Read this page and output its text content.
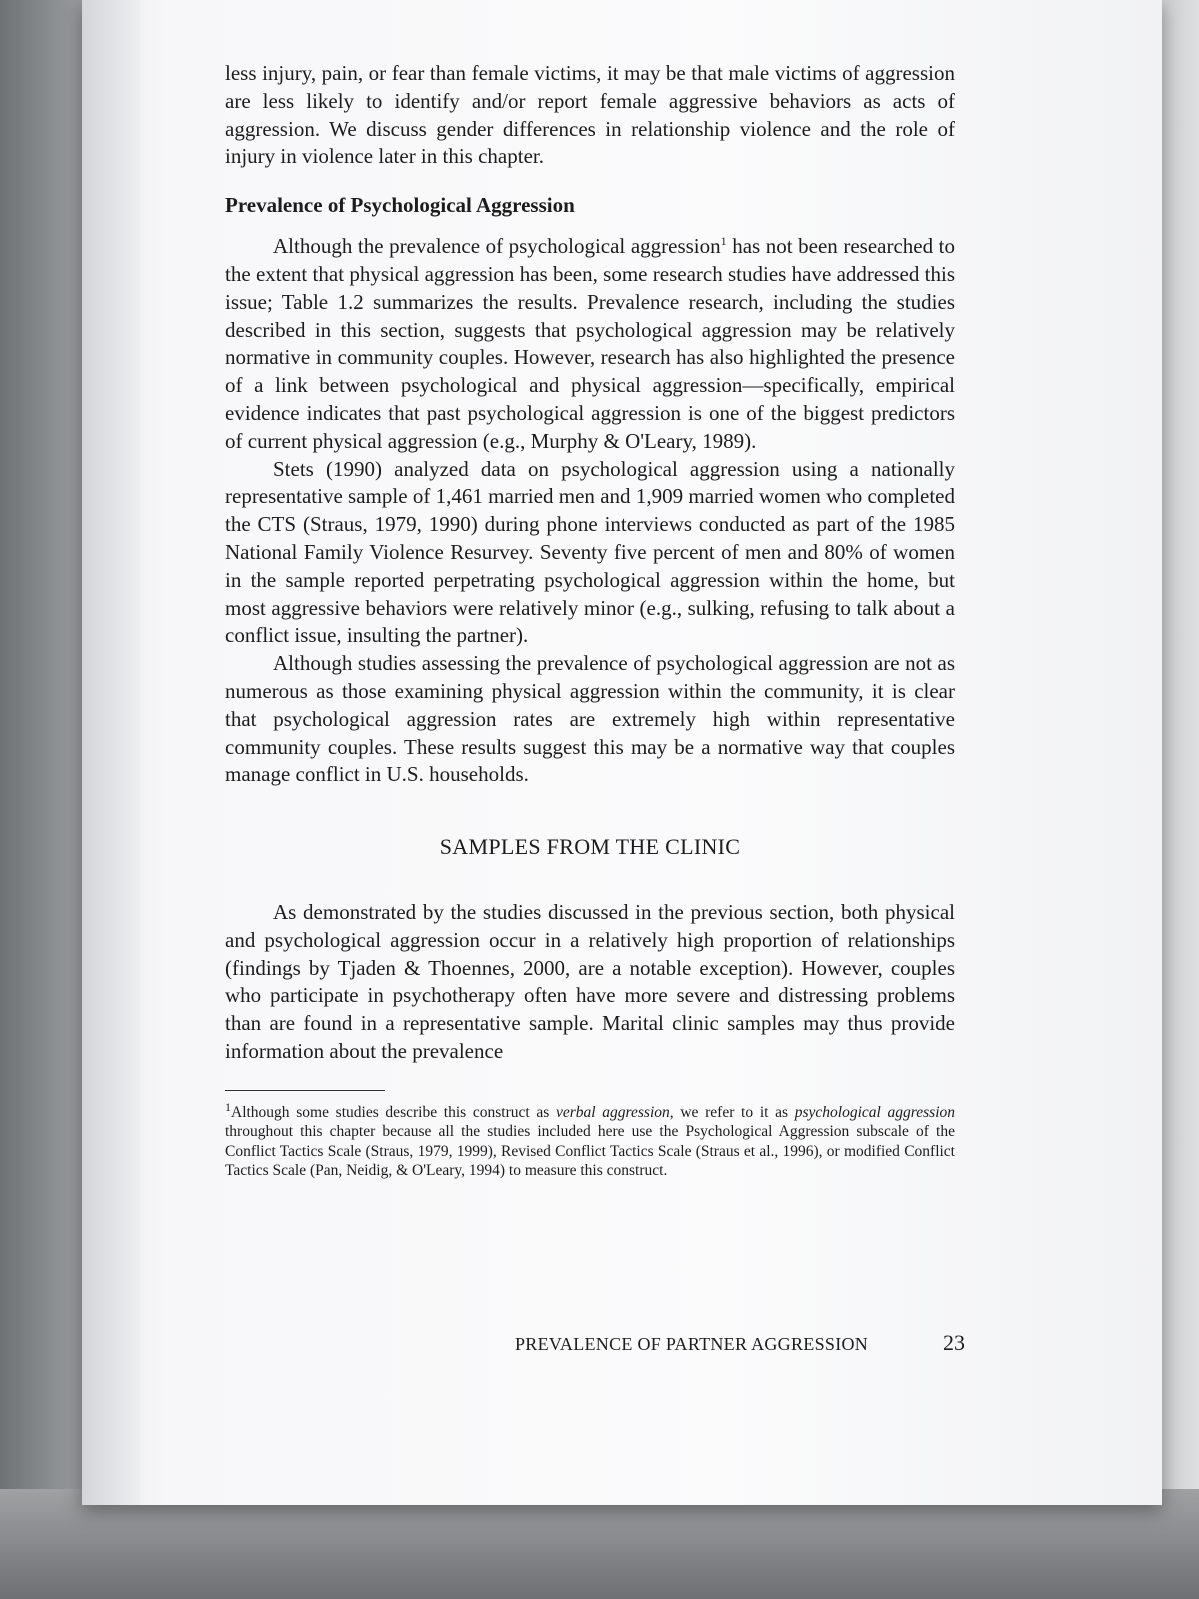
less injury, pain, or fear than female victims, it may be that male victims of aggression are less likely to identify and/or report female aggressive behaviors as acts of aggression. We discuss gender differences in relationship violence and the role of injury in violence later in this chapter.

Prevalence of Psychological Aggression

Although the prevalence of psychological aggression$^1$ has not been researched to the extent that physical aggression has been, some research studies have addressed this issue; Table 1.2 summarizes the results. Prevalence research, including the studies described in this section, suggests that psychological aggression may be relatively normative in community couples. However, research has also highlighted the presence of a link between psychological and physical aggression—specifically, empirical evidence indicates that past psychological aggression is one of the biggest predictors of current physical aggression (e.g., Murphy & O'Leary, 1989).

Stets (1990) analyzed data on psychological aggression using a nationally representative sample of 1,461 married men and 1,909 married women who completed the CTS (Straus, 1979, 1990) during phone interviews conducted as part of the 1985 National Family Violence Resurvey. Seventy five percent of men and 80% of women in the sample reported perpetrating psychological aggression within the home, but most aggressive behaviors were relatively minor (e.g., sulking, refusing to talk about a conflict issue, insulting the partner).

Although studies assessing the prevalence of psychological aggression are not as numerous as those examining physical aggression within the community, it is clear that psychological aggression rates are extremely high within representative community couples. These results suggest this may be a normative way that couples manage conflict in U.S. households.

SAMPLES FROM THE CLINIC

As demonstrated by the studies discussed in the previous section, both physical and psychological aggression occur in a relatively high proportion of relationships (findings by Tjaden & Thoennes, 2000, are a notable exception). However, couples who participate in psychotherapy often have more severe and distressing problems than are found in a representative sample. Marital clinic samples may thus provide information about the prevalence

$^1$Although some studies describe this construct as verbal aggression, we refer to it as psychological aggression throughout this chapter because all the studies included here use the Psychological Aggression subscale of the Conflict Tactics Scale (Straus, 1979, 1999), Revised Conflict Tactics Scale (Straus et al., 1996), or modified Conflict Tactics Scale (Pan, Neidig, & O'Leary, 1994) to measure this construct.

PREVALENCE OF PARTNER AGGRESSION	23
